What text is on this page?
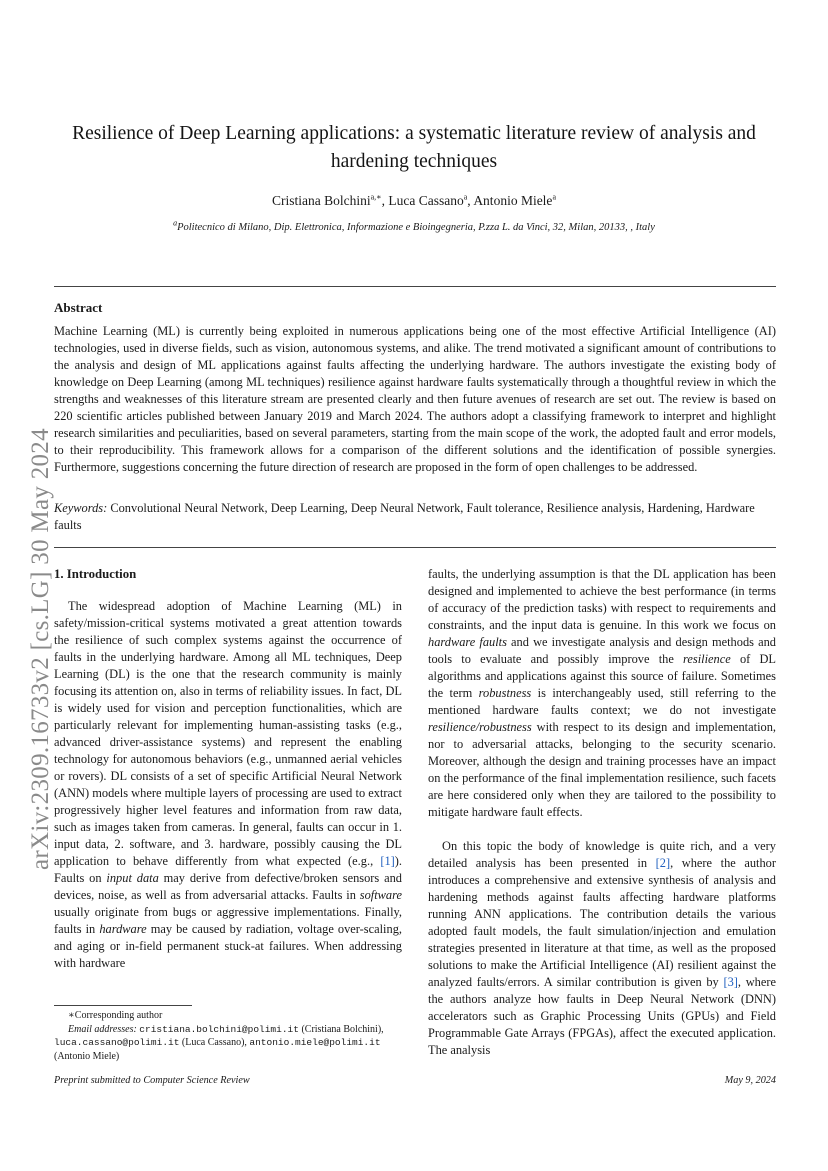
Resilience of Deep Learning applications: a systematic literature review of analysis and hardening techniques
Cristiana Bolchini$^{a,∗}$, Luca Cassano$^a$, Antonio Miele$^a$
$^a$Politecnico di Milano, Dip. Elettronica, Informazione e Bioingegneria, P.zza L. da Vinci, 32, Milan, 20133, , Italy
Abstract

Machine Learning (ML) is currently being exploited in numerous applications being one of the most effective Artificial Intelligence (AI) technologies, used in diverse fields, such as vision, autonomous systems, and alike. The trend motivated a significant amount of contributions to the analysis and design of ML applications against faults affecting the underlying hardware. The authors investigate the existing body of knowledge on Deep Learning (among ML techniques) resilience against hardware faults systematically through a thoughtful review in which the strengths and weaknesses of this literature stream are presented clearly and then future avenues of research are set out. The review is based on 220 scientific articles published between January 2019 and March 2024. The authors adopt a classifying framework to interpret and highlight research similarities and peculiarities, based on several parameters, starting from the main scope of the work, the adopted fault and error models, to their reproducibility. This framework allows for a comparison of the different solutions and the identification of possible synergies. Furthermore, suggestions concerning the future direction of research are proposed in the form of open challenges to be addressed.

Keywords: Convolutional Neural Network, Deep Learning, Deep Neural Network, Fault tolerance, Resilience analysis, Hardening, Hardware faults
arXiv:2309.16733v2 [cs.LG] 30 May 2024 1. Introduction

The widespread adoption of Machine Learning (ML) in safety/mission-critical systems motivated a great attention towards the resilience of such complex systems against the occurrence of faults in the underlying hardware. Among all ML techniques, Deep Learning (DL) is the one that the research community is mainly focusing its attention on, also in terms of reliability issues. In fact, DL is widely used for vision and perception functionalities, which are particularly relevant for implementing human-assisting tasks (e.g., advanced driver-assistance systems) and represent the enabling technology for autonomous behaviors (e.g., unmanned aerial vehicles or rovers). DL consists of a set of specific Artificial Neural Network (ANN) models where multiple layers of processing are used to extract progressively higher level features and information from raw data, such as images taken from cameras. In general, faults can occur in 1. input data, 2. software, and 3. hardware, possibly causing the DL application to behave differently from what expected (e.g., [1]). Faults on input data may derive from defective/broken sensors and devices, noise, as well as from adversarial attacks. Faults in software usually originate from bugs or aggressive implementations. Finally, faults in hardware may be caused by radiation, voltage over-scaling, and aging or in-field permanent stuck-at failures. When addressing with hardware

faults, the underlying assumption is that the DL application has been designed and implemented to achieve the best performance (in terms of accuracy of the prediction tasks) with respect to requirements and constraints, and the input data is genuine. In this work we focus on hardware faults and we investigate analysis and design methods and tools to evaluate and possibly improve the resilience of DL algorithms and applications against this source of failure. Sometimes the term robustness is interchangeably used, still referring to the mentioned hardware faults context; we do not investigate resilience/robustness with respect to its design and implementation, nor to adversarial attacks, belonging to the security scenario. Moreover, although the design and training processes have an impact on the performance of the final implementation resilience, such facets are here considered only when they are tailored to the possibility to mitigate hardware fault effects.

On this topic the body of knowledge is quite rich, and a very detailed analysis has been presented in [2], where the author introduces a comprehensive and extensive synthesis of analysis and hardening methods against faults affecting hardware platforms running ANN applications. The contribution details the various adopted fault models, the fault simulation/injection and emulation strategies presented in literature at that time, as well as the proposed solutions to make the Artificial Intelligence (AI) resilient against the analyzed faults/errors. A similar contribution is given by [3], where the authors analyze how faults in Deep Neural Network (DNN) accelerators such as Graphic Processing Units (GPUs) and Field Programmable Gate Arrays (FPGAs), affect the executed application. The analysis

∗Corresponding author
Email addresses: cristiana.bolchini@polimi.it (Cristiana Bolchini), luca.cassano@polimi.it (Luca Cassano), antonio.miele@polimi.it (Antonio Miele)
Preprint submitted to Computer Science Review	May 9, 2024
